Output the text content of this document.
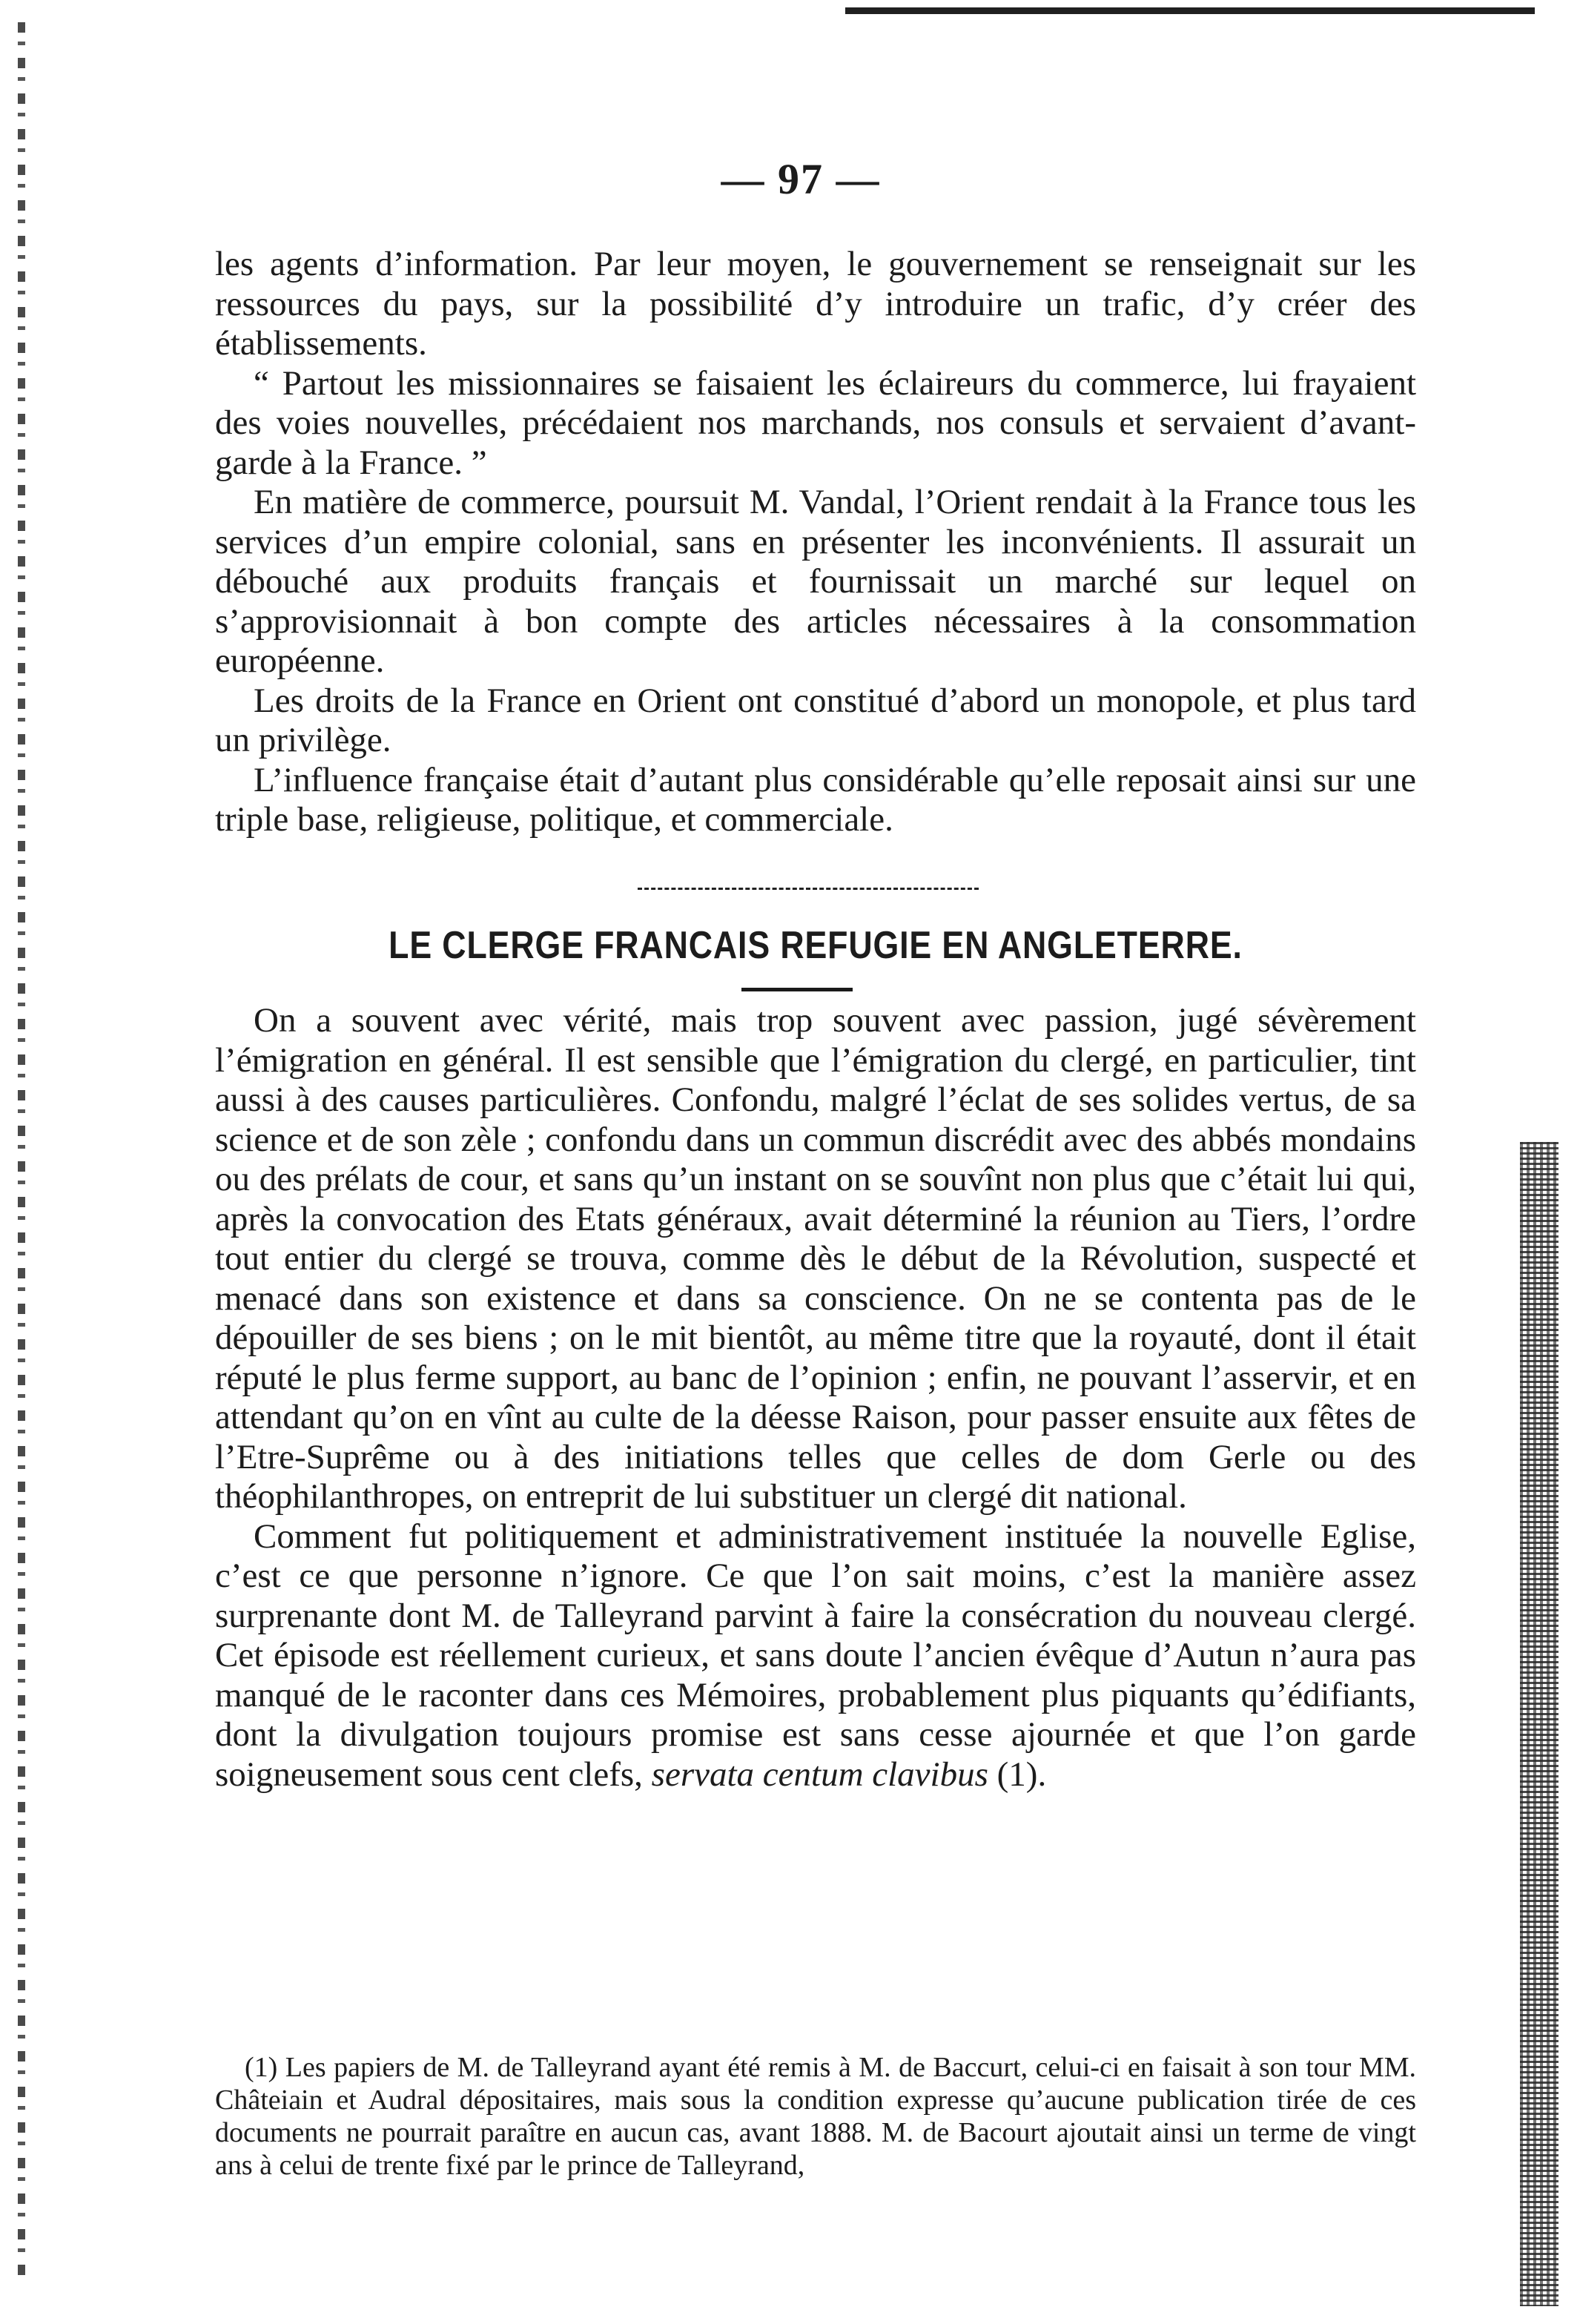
— 97 —

les agents d’information. Par leur moyen, le gouvernement se renseignait sur les ressources du pays, sur la possibilité d’y introduire un trafic, d’y créer des établissements.

“ Partout les missionnaires se faisaient les éclaireurs du commerce, lui frayaient des voies nouvelles, précédaient nos marchands, nos consuls et servaient d’avant-garde à la France. ”

En matière de commerce, poursuit M. Vandal, l’Orient rendait à la France tous les services d’un empire colonial, sans en présenter les inconvénients. Il assurait un débouché aux produits français et fournissait un marché sur lequel on s’approvisionnait à bon compte des articles nécessaires à la consommation européenne.

Les droits de la France en Orient ont constitué d’abord un monopole, et plus tard un privilège.

L’influence française était d’autant plus considérable qu’elle reposait ainsi sur une triple base, religieuse, politique, et commerciale.

LE CLERGE FRANCAIS REFUGIE EN ANGLETERRE.

On a souvent avec vérité, mais trop souvent avec passion, jugé sévèrement l’émigration en général. Il est sensible que l’émigration du clergé, en particulier, tint aussi à des causes particulières. Confondu, malgré l’éclat de ses solides vertus, de sa science et de son zèle ; confondu dans un commun discrédit avec des abbés mondains ou des prélats de cour, et sans qu’un instant on se souvînt non plus que c’était lui qui, après la convocation des Etats généraux, avait déterminé la réunion au Tiers, l’ordre tout entier du clergé se trouva, comme dès le début de la Révolution, suspecté et menacé dans son existence et dans sa conscience. On ne se contenta pas de le dépouiller de ses biens ; on le mit bientôt, au même titre que la royauté, dont il était réputé le plus ferme support, au banc de l’opinion ; enfin, ne pouvant l’asservir, et en attendant qu’on en vînt au culte de la déesse Raison, pour passer ensuite aux fêtes de l’Etre-Suprême ou à des initiations telles que celles de dom Gerle ou des théophilanthropes, on entreprit de lui substituer un clergé dit national.

Comment fut politiquement et administrativement instituée la nouvelle Eglise, c’est ce que personne n’ignore. Ce que l’on sait moins, c’est la manière assez surprenante dont M. de Talleyrand parvint à faire la consécration du nouveau clergé. Cet épisode est réellement curieux, et sans doute l’ancien évêque d’Autun n’aura pas manqué de le raconter dans ces Mémoires, probablement plus piquants qu’édifiants, dont la divulgation toujours promise est sans cesse ajournée et que l’on garde soigneusement sous cent clefs, servata centum clavibus (1).

(1) Les papiers de M. de Talleyrand ayant été remis à M. de Baccurt, celui-ci en faisait à son tour MM. Châteiain et Audral dépositaires, mais sous la condition expresse qu’aucune publication tirée de ces documents ne pourrait paraître en aucun cas, avant 1888. M. de Bacourt ajoutait ainsi un terme de vingt ans à celui de trente fixé par le prince de Talleyrand,
